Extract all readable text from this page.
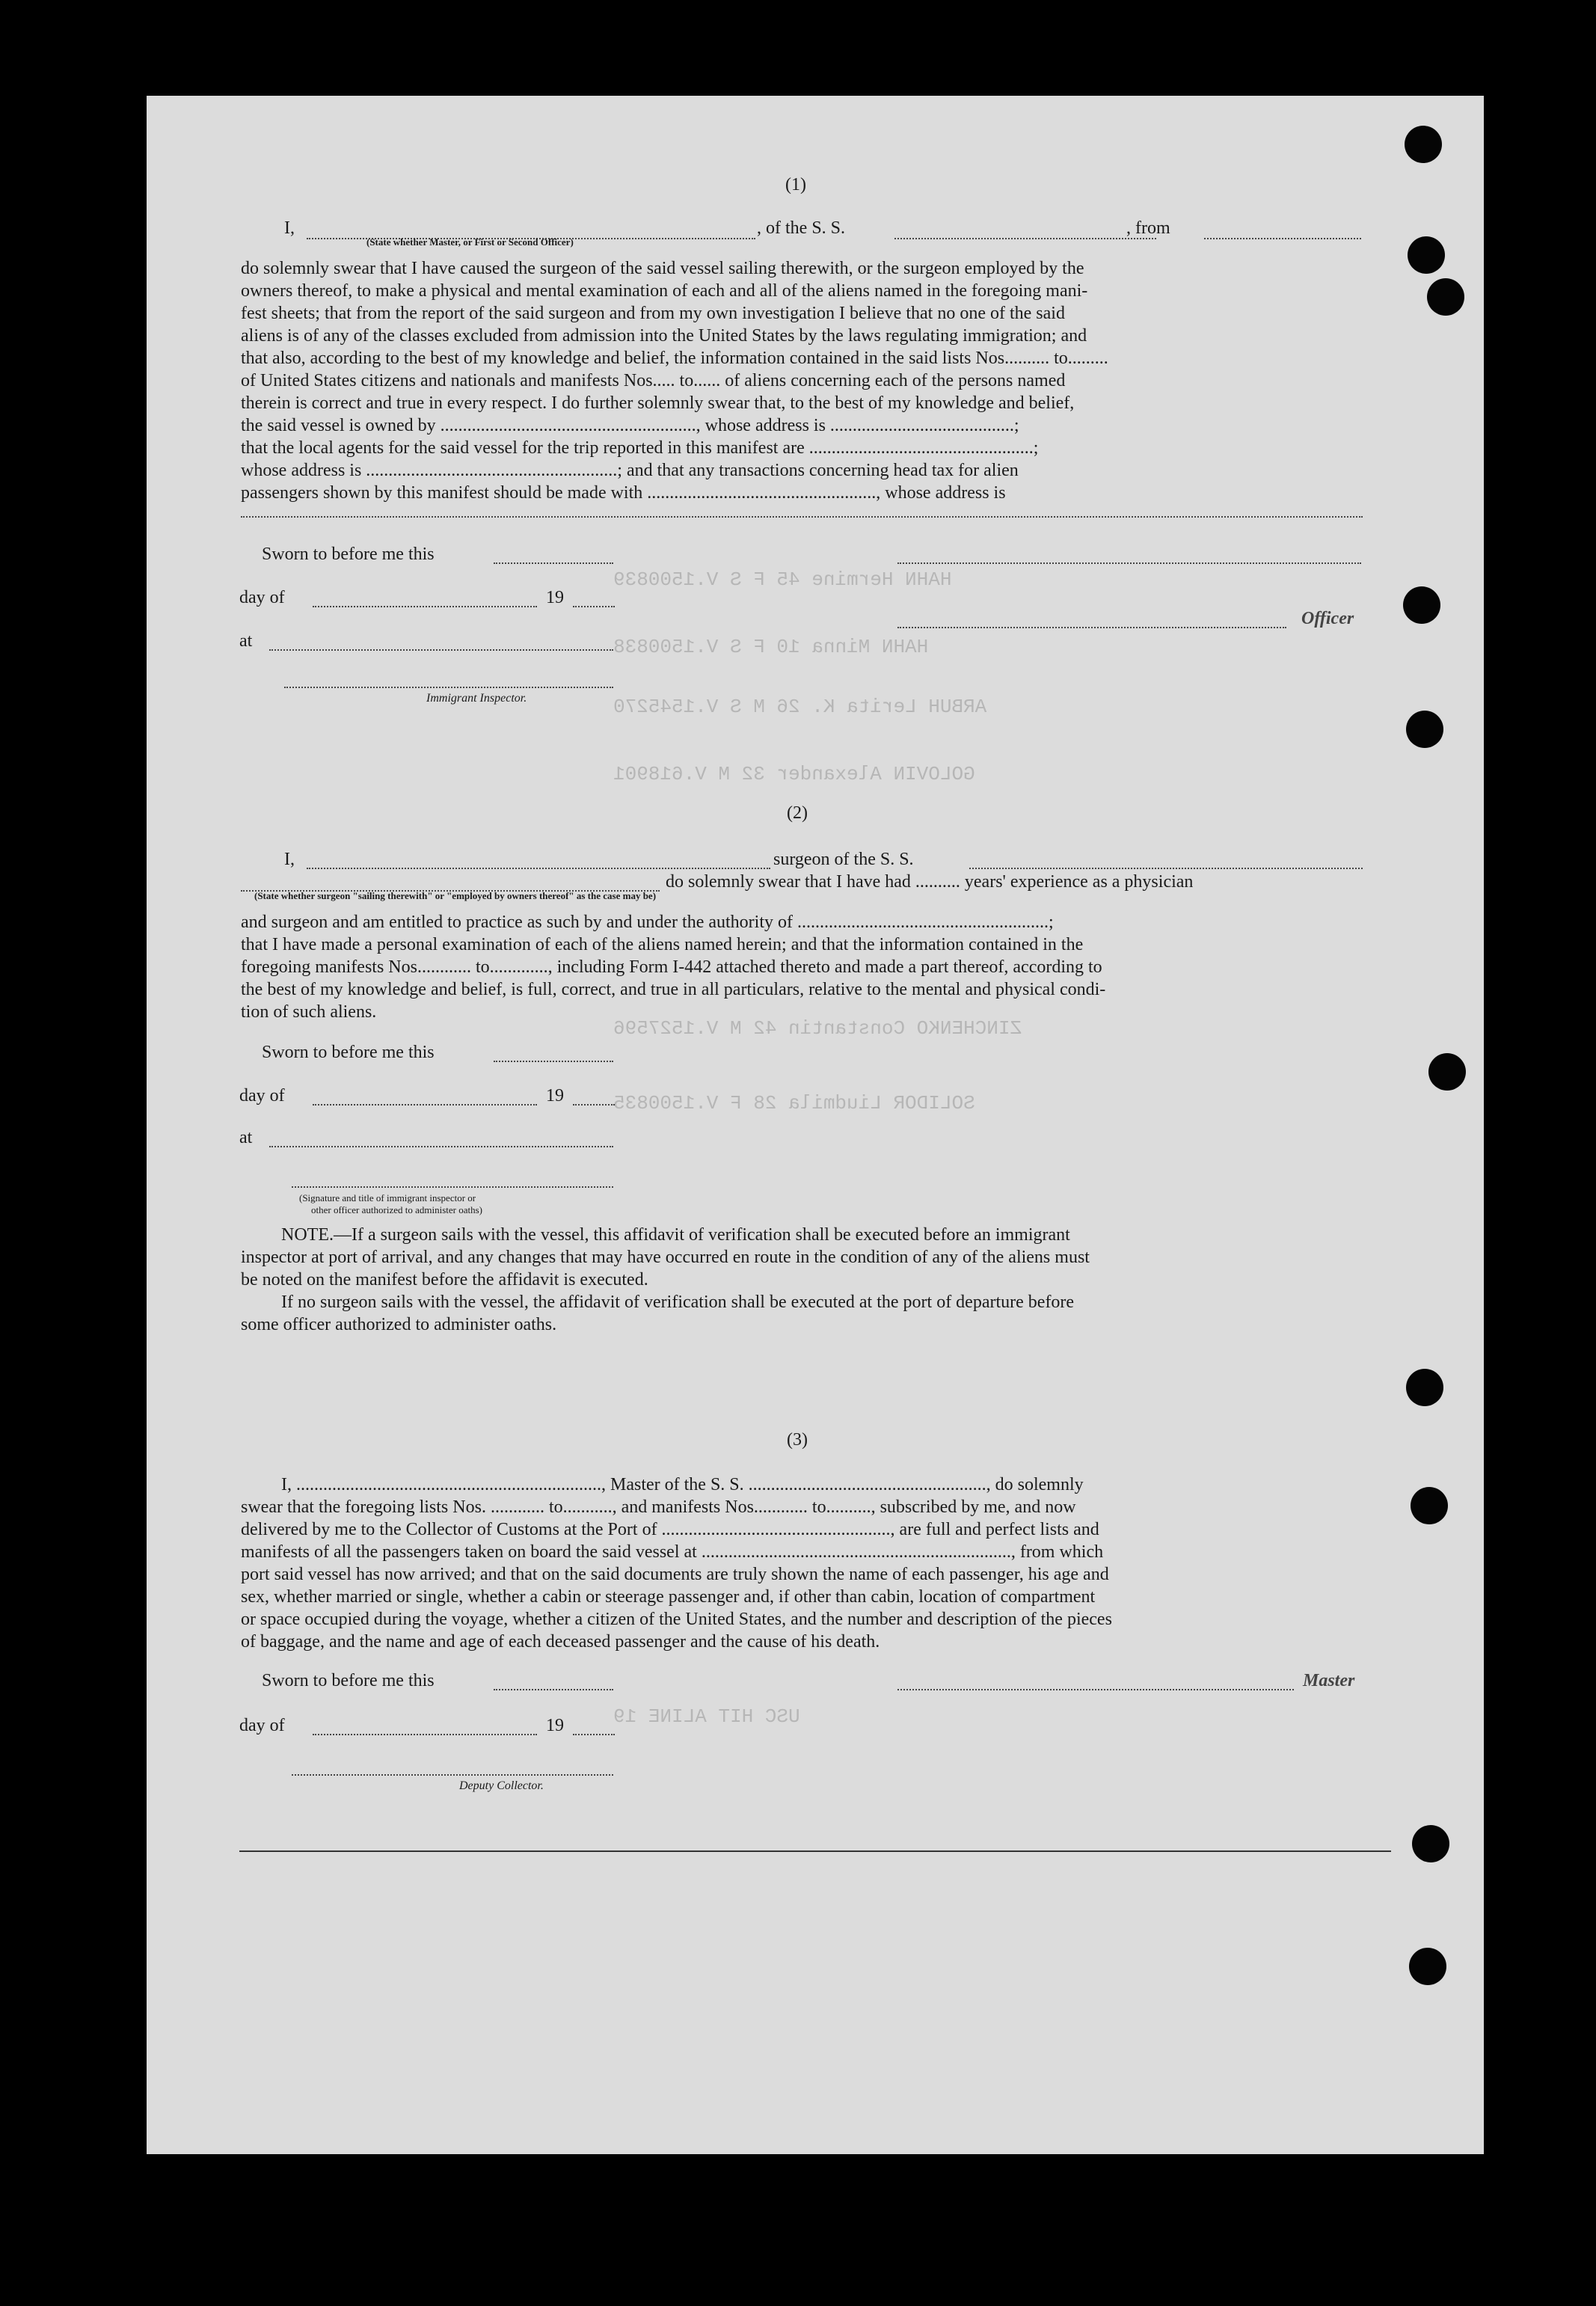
HAHN Hermine 45 F S V.1500839
HAHN Minna 10 F S V.1500838
ARBUH Lerita K. 26 M S V.1545270
GOLOVIN Alexander 32 M V.618901
ZINCHENKO Constantin 42 M V.1527596
SOLIDOR Liudmila 28 F V.1500835
USC HIT ALINE 19
(1)
I,	, of the S. S.	, from
(State whether Master, or First or Second Officer)
do solemnly swear that I have caused the surgeon of the said vessel sailing therewith, or the surgeon employed by the
owners thereof, to make a physical and mental examination of each and all of the aliens named in the foregoing mani-
fest sheets; that from the report of the said surgeon and from my own investigation I believe that no one of the said
aliens is of any of the classes excluded from admission into the United States by the laws regulating immigration; and
that also, according to the best of my knowledge and belief, the information contained in the said lists Nos.......... to.........
of United States citizens and nationals and manifests Nos..... to...... of aliens concerning each of the persons named
therein is correct and true in every respect. I do further solemnly swear that, to the best of my knowledge and belief,
the said vessel is owned by ........................................................., whose address is .........................................;
that the local agents for the said vessel for the trip reported in this manifest are ..................................................;
whose address is ........................................................; and that any transactions concerning head tax for alien
passengers shown by this manifest should be made with ..................................................., whose address is
Sworn to before me this
day of	19
Officer
at
Immigrant Inspector.
(2)
I,	surgeon of the S. S.
do solemnly swear that I have had .......... years' experience as a physician
(State whether surgeon "sailing therewith" or "employed by owners thereof" as the case may be)
and surgeon and am entitled to practice as such by and under the authority of ........................................................;
that I have made a personal examination of each of the aliens named herein; and that the information contained in the
foregoing manifests Nos............ to............., including Form I-442 attached thereto and made a part thereof, according to
the best of my knowledge and belief, is full, correct, and true in all particulars, relative to the mental and physical condi-
tion of such aliens.
Sworn to before me this
day of	19
at
(Signature and title of immigrant inspector or
other officer authorized to administer oaths)
NOTE.—If a surgeon sails with the vessel, this affidavit of verification shall be executed before an immigrant
inspector at port of arrival, and any changes that may have occurred en route in the condition of any of the aliens must
be noted on the manifest before the affidavit is executed.
If no surgeon sails with the vessel, the affidavit of verification shall be executed at the port of departure before
some officer authorized to administer oaths.
(3)
I, ...................................................................., Master of the S. S. ....................................................., do solemnly
swear that the foregoing lists Nos. ............ to..........., and manifests Nos............ to.........., subscribed by me, and now
delivered by me to the Collector of Customs at the Port of ..................................................., are full and perfect lists and
manifests of all the passengers taken on board the said vessel at ....................................................................., from which
port said vessel has now arrived; and that on the said documents are truly shown the name of each passenger, his age and
sex, whether married or single, whether a cabin or steerage passenger and, if other than cabin, location of compartment
or space occupied during the voyage, whether a citizen of the United States, and the number and description of the pieces
of baggage, and the name and age of each deceased passenger and the cause of his death.
Sworn to before me this	Master
day of	19
Deputy Collector.
